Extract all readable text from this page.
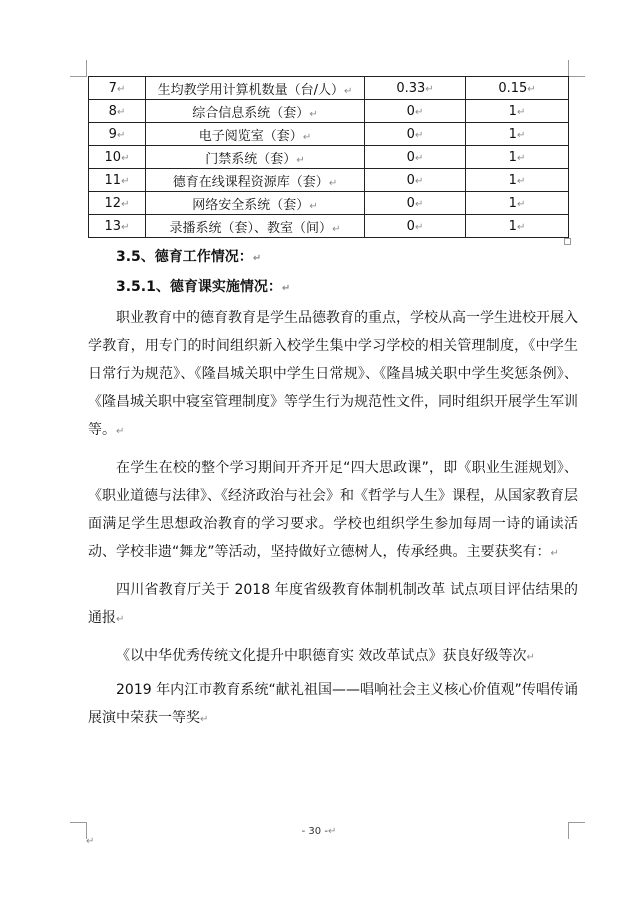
7↵	生均教学用计算机数量（台/人）↵	0.33↵	0.15↵
8↵	综合信息系统（套）↵	0↵	1↵
9↵	电子阅览室（套）↵	0↵	1↵
10↵	门禁系统（套）↵	0↵	1↵
11↵	德育在线课程资源库（套）↵	0↵	1↵
12↵	网络安全系统（套）↵	0↵	1↵
13↵	录播系统（套）、教室（间）↵	0↵	1↵
3.5、德育工作情况：↵
3.5.1、德育课实施情况：↵

职业教育中的德育教育是学生品德教育的重点，学校从高一学生进校开展入学教育，用专门的时间组织新入校学生集中学习学校的相关管理制度，《中学生日常行为规范》、《隆昌城关职中学生日常规》、《隆昌城关职中学生奖惩条例》、《隆昌城关职中寝室管理制度》等学生行为规范性文件，同时组织开展学生军训等。↵

在学生在校的整个学习期间开齐开足“四大思政课”，即《职业生涯规划》、《职业道德与法律》、《经济政治与社会》和《哲学与人生》课程，从国家教育层面满足学生思想政治教育的学习要求。学校也组织学生参加每周一诗的诵读活动、学校非遗“舞龙”等活动，坚持做好立德树人，传承经典。主要获奖有：↵

四川省教育厅关于 2018 年度省级教育体制机制改革 试点项目评估结果的通报↵

《以中华优秀传统文化提升中职德育实 效改革试点》获良好级等次↵

2019 年内江市教育系统“献礼祖国——唱响社会主义核心价值观”传唱传诵展演中荣获一等奖↵

- 30 -↵
↵
